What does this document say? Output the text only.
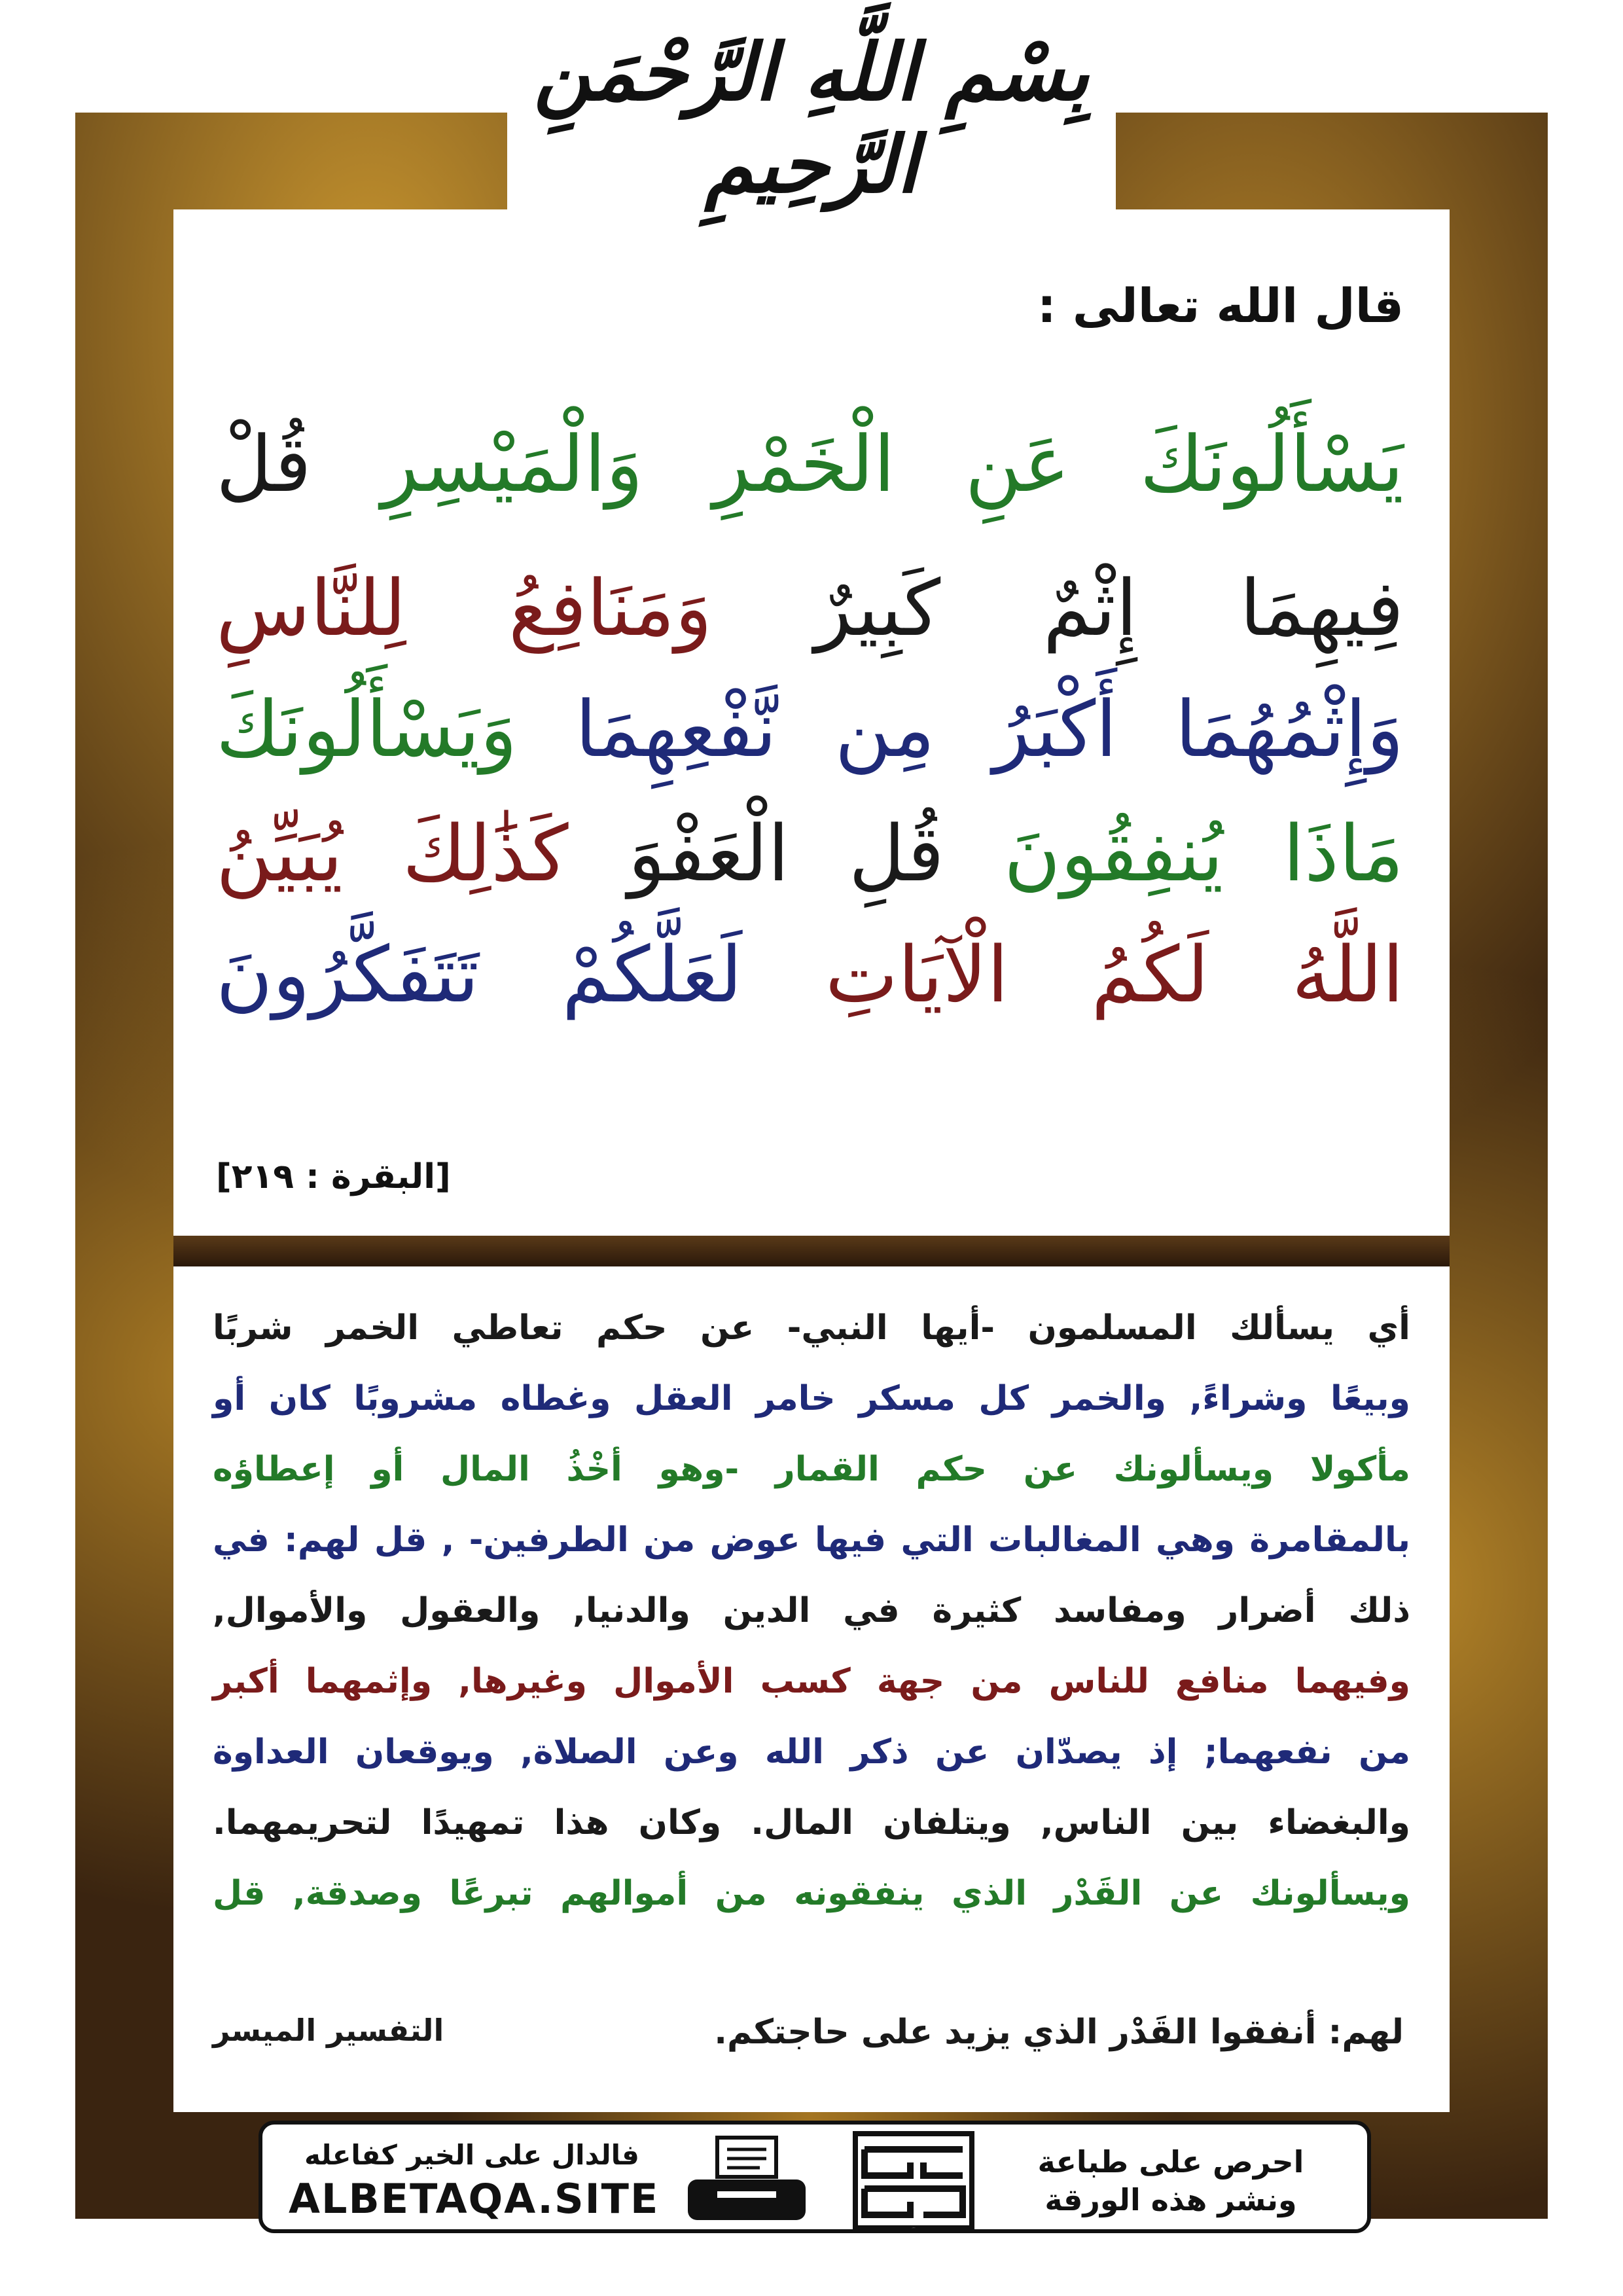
بِسْمِ اللَّهِ الرَّحْمَنِ الرَّحِيمِ
قال الله تعالى :
يَسْأَلُونَكَ عَنِ الْخَمْرِ وَالْمَيْسِرِ قُلْ
فِيهِمَا إِثْمٌ كَبِيرٌ وَمَنَافِعُ لِلنَّاسِ
وَإِثْمُهُمَا أَكْبَرُ مِن نَّفْعِهِمَا وَيَسْأَلُونَكَ
مَاذَا يُنفِقُونَ قُلِ الْعَفْوَ كَذَٰلِكَ يُبَيِّنُ
اللَّهُ لَكُمُ الْآيَاتِ لَعَلَّكُمْ تَتَفَكَّرُونَ
[البقرة : ٢١٩]
أي يسألك المسلمون -أيها النبي- عن حكم تعاطي الخمر شربًا
وبيعًا وشراءً, والخمر كل مسكر خامر العقل وغطاه مشروبًا كان أو
مأكولا ويسألونك عن حكم القمار -وهو أخْذُ المال أو إعطاؤه
بالمقامرة وهي المغالبات التي فيها عوض من الطرفين- , قل لهم: في
ذلك أضرار ومفاسد كثيرة في الدين والدنيا, والعقول والأموال,
وفيهما منافع للناس من جهة كسب الأموال وغيرها, وإثمهما أكبر
من نفعهما; إذ يصدّان عن ذكر الله وعن الصلاة, ويوقعان العداوة
والبغضاء بين الناس, ويتلفان المال. وكان هذا تمهيدًا لتحريمهما.
ويسألونك عن القَدْر الذي ينفقونه من أموالهم تبرعًا وصدقة, قل
لهم: أنفقوا القَدْر الذي يزيد على حاجتكم.
التفسير الميسر
فالدال على الخير كفاعله
ALBETAQA.SITE
دعوة الورقة
احرص على طباعة
ونشر هذه الورقة
